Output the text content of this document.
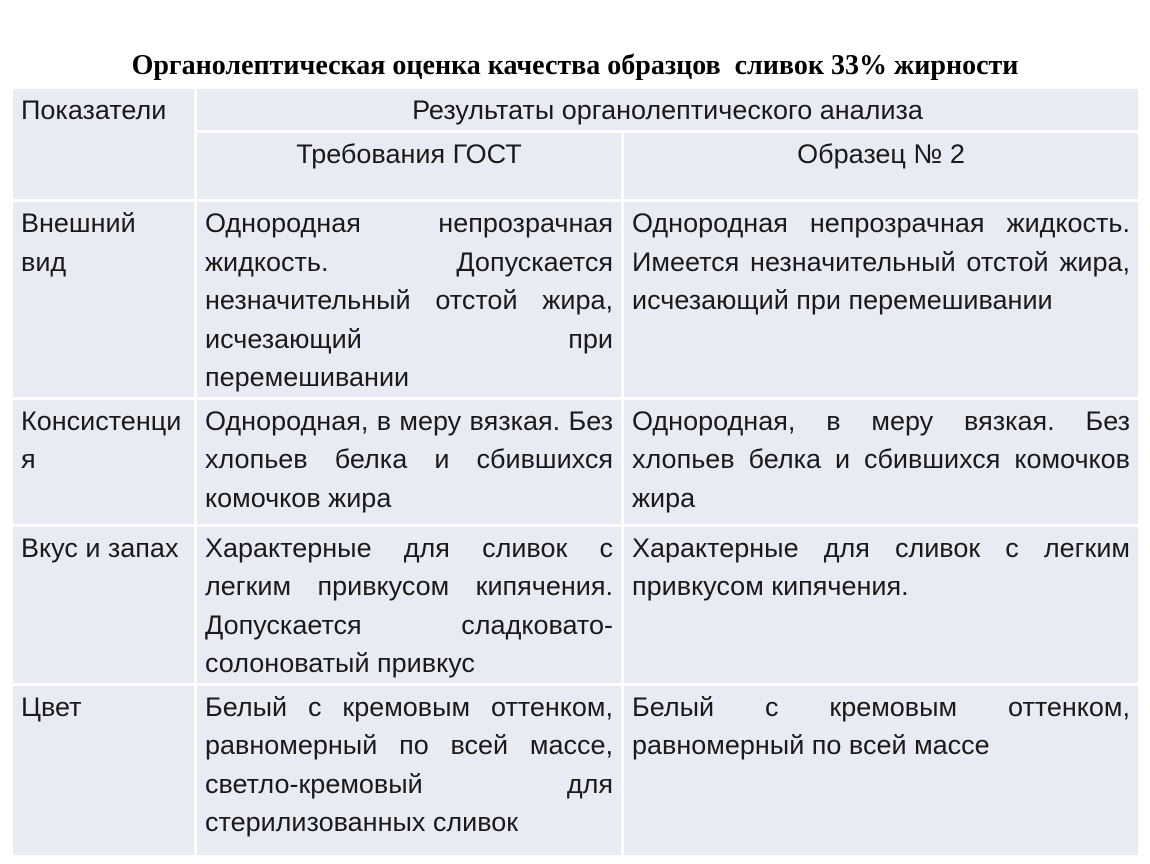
Органолептическая оценка качества образцов  сливок 33% жирности
Показатели	Результаты органолептического анализа	
	Требования ГОСТ	Образец № 2
Внешний вид	Однородная непрозрачная жидкость. Допускается незначительный отстой жира, исчезающий при перемешивании	Однородная непрозрачная жидкость. Имеется незначительный отстой жира, исчезающий при перемешивании
Консистенция	Однородная, в меру вязкая. Без хлопьев белка и сбившихся комочков жира	Однородная, в меру вязкая. Без хлопьев белка и сбившихся комочков жира
Вкус и запах	Характерные для сливок с легким привкусом кипячения. Допускается сладковато-солоноватый привкус	Характерные для сливок с легким привкусом кипячения.
Цвет	Белый с кремовым оттенком, равномерный по всей массе, светло-кремовый для стерилизованных сливок	Белый с кремовым оттенком, равномерный по всей массе
